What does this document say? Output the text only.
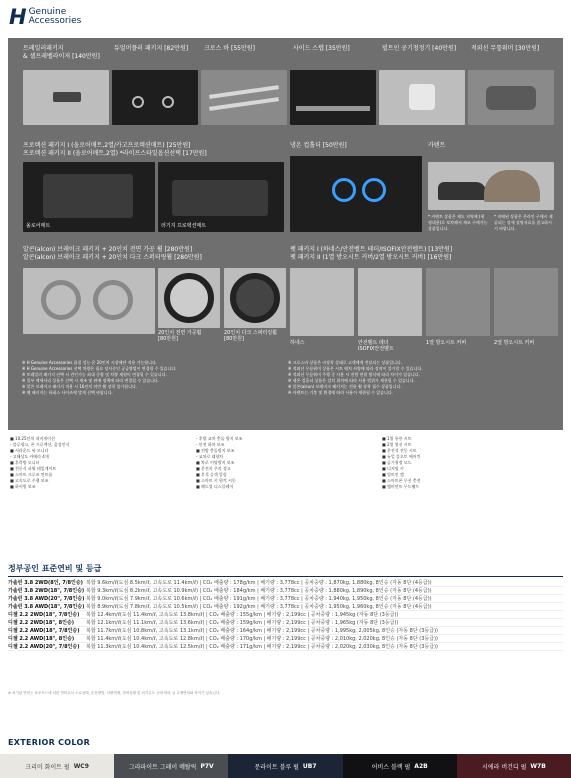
H Genuine
Accessories
트레일러패키지
& 셀프레벨라이저 [140만원]
듀얼머플러 패키지 [82만원]	크로스 바 [55만원]	사이드 스텝 [35만원]	빌트인 공기청정기 [40만원]	적외선 무릎워머 [30만원]
프로텍션 패키지 I (올로어매트,2열/카고프로텍션매트) [25만원]
프로텍션 패키지 II (올로어매트,2열) *라이프스타일옵션선택 [17만원]
올로어매트	러기지 프로텍션매트
냉온 컵홀더 [50만원]	카텐트
* 카텐트 상품은 제도 지역에 (세정대용)로 보차해서 제조 구매가능 상품입니다.
* 직배된 상품은 온라인 구매시 제공되는 상세 설명자료를 참고하시기 바랍니다.
알콘(alcon) 브레이크 패키지 + 20인치 전면 가공 휠 [280만원]
알콘(alcon) 브레이크 패키지 + 20인치 다크 스퍼터링휠 [280만원]
20인치 전면 가공휠
[80만원]
20인치 다크 스퍼터링휠
[80만원]
펫 패키지 I (하네스/안전벨트 테더/ISOFIX안전벨트) [13만원]
펫 패키지 II (1열 방오시트 커버/2열 방오시트 커버) [16만원]
하네스	안전벨트 테더
ISOFIX안전벨트
1열 방오시트 커버	2열 방오시트 커버
※ H Genuine Accessories 품질 성능 운 20인치 시장에만 적용 가능합니다.
※ H Genuine Accessories 선택 차량은 필요 당사중인 공급방법이 변경될 수 있습니다.
※ 트레일러 패키지 선택 시 견인가능 최대 중량 및 차량 제원이 변경될 수 있습니다.
※ 일부 액세서리 상품은 선택 시 제조 및 판매 정책에 따라 변경될 수 있습니다.
※ 알콘 브레이크 패키지 적용 시 16인치 미만 휠 장착 불가합니다.
※ 펫 패키지는 하네스 사이즈에 맞게 선택 바랍니다.
※ 크로스바 상품은 비장착 상태로 고객에게 전달되는 상품입니다.
※ 적외선 무릎워머 상품은 시트 배치 사양에 따라 장착이 불가할 수 있습니다.
※ 적외선 무릎워머 주행 중 사용 시 전원 연결 방식에 따라 차이가 있습니다.
※ 냉온 컵홀더 상품은 설치 위치에 따라 사용 범위가 제한될 수 있습니다.
※ 알콘(alcon) 브레이크 패키지는 전용 휠 장착 필수 상품입니다.
※ 카텐트는 기후 및 환경에 따라 사용이 제한될 수 있습니다.
■ 10.25인치 내비게이션
- 블루링크, 폰 프로젝션, 음성인식
■ 서라운드 뷰 모니터
- 고해상도 카메라 4개
■ 후측방 모니터
■ 전동식 파워 테일게이트
■ 스마트 크루즈 컨트롤
■ 고속도로 주행 보조
■ 하이빔 보조
- 후방 교차 충돌 방지 보조
- 안전 하차 보조
■ 전방 충돌방지 보조
- 교차로 대향차
■ 차로 이탈방지 보조
■ 운전자 주의 경고
■ 후석 승객 알림
■ 스마트 키 원격 시동
■ 헤드업 디스플레이
■ 1열 통풍 시트
■ 2열 열선 시트
■ 운전석 전동 시트
■ 듀얼 풀오토 에어컨
■ 공기청정 모드
■ 디지털 키
■ 빌트인 캠
■ 스마트폰 무선 충전
■ 앰비언트 무드램프
정부공인 표준연비 및 등급
가솔린 3.8 2WD(8인, 7/8인승) 복합 9.6km/ℓ(도심 8.5km/ℓ, 고속도로 11.4km/ℓ) | CO₂ 배출량 : 178g/km | 배기량 : 3,778cc | 공차중량 : 1,870kg, 1,880kg, 8인승 (자동 8단 (4등급))
가솔린 3.8 2WD(18", 7/8인승) 복합 9.3km/ℓ(도심 8.2km/ℓ, 고속도로 10.9km/ℓ) | CO₂ 배출량 : 184g/km | 배기량 : 3,778cc | 공차중량 : 1,880kg, 1,890kg, 8인승 (자동 8단 (4등급))
가솔린 3.8 AWD(20", 7/8인승) 복합 9.0km/ℓ(도심 7.9km/ℓ, 고속도로 10.6km/ℓ) | CO₂ 배출량 : 191g/km | 배기량 : 3,778cc | 공차중량 : 1,940kg, 1,950kg, 8인승 (자동 8단 (4등급))
가솔린 3.8 AWD(18", 7/8인승) 복합 8.9km/ℓ(도심 7.8km/ℓ, 고속도로 10.5km/ℓ) | CO₂ 배출량 : 192g/km | 배기량 : 3,778cc | 공차중량 : 1,950kg, 1,960kg, 8인승 (자동 8단 (4등급))
디젤 2.2 2WD(18", 7/8인승)	복합 12.4km/ℓ(도심 11.4km/ℓ, 고속도로 13.8km/ℓ) | CO₂ 배출량 : 155g/km | 배기량 : 2,199cc | 공차중량 : 1,945kg (자동 8단 (3등급))
디젤 2.2 2WD(18", 8인승)	복합 12.1km/ℓ(도심 11.1km/ℓ, 고속도로 13.6km/ℓ) | CO₂ 배출량 : 159g/km | 배기량 : 2,199cc | 공차중량 : 1,965kg (자동 8단 (3등급))
디젤 2.2 AWD(18", 7/8인승)	복합 11.7km/ℓ(도심 10.8km/ℓ, 고속도로 13.1km/ℓ) | CO₂ 배출량 : 164g/km | 배기량 : 2,199cc | 공차중량 : 1,995kg, 2,005kg, 8인승 (자동 8단 (3등급))
디젤 2.2 AWD(18", 8인승)	복합 11.4km/ℓ(도심 10.4km/ℓ, 고속도로 12.8km/ℓ) | CO₂ 배출량 : 170g/km | 배기량 : 2,199cc | 공차중량 : 2,010kg, 2,020kg, 8인승 (자동 8단 (3등급))
디젤 2.2 AWD(20", 7/8인승)	복합 11.3km/ℓ(도심 10.4km/ℓ, 고속도로 12.5km/ℓ) | CO₂ 배출량 : 171g/km | 배기량 : 2,199cc | 공차중량 : 2,020kg, 2,030kg, 8인승 (자동 8단 (3등급))
※ 표기된 연비는 표준모드에 의한 연비로서 도로상태, 운전방법, 차량적재, 정비상태 및 외기온도 등에 따라 실 주행연비와 차이가 있습니다.
EXTERIOR COLOR
크리미 화이트 펄 WC9	그라파이트 그레이 메탈릭 P7V	문라이트 블루 펄 UB7	어비스 블랙 펄 A2B	시에라 버건디 펄 W7B
